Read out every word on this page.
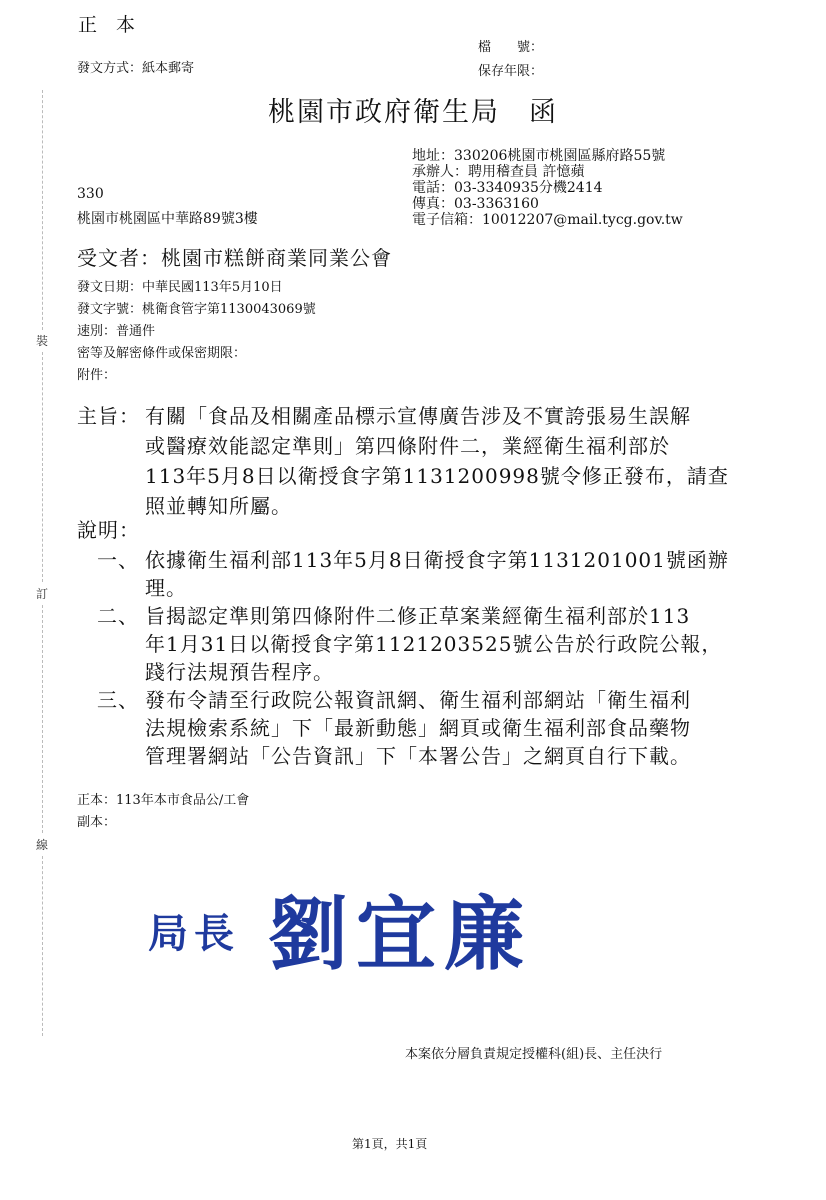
裝
訂
線
正　本
檔　　號：
發文方式：紙本郵寄	保存年限：
桃園市政府衛生局　函
地址：330206桃園市桃園區縣府路55號
承辦人：聘用稽查員 許憶蘋
電話：03-3340935分機2414
傳真：03-3363160
電子信箱：10012207@mail.tycg.gov.tw
330
桃園市桃園區中華路89號3樓
受文者：桃園市糕餅商業同業公會
發文日期：中華民國113年5月10日
發文字號：桃衛食管字第1130043069號
速別：普通件
密等及解密條件或保密期限：
附件：
主旨： 有關「食品及相關產品標示宣傳廣告涉及不實誇張易生誤解
或醫療效能認定準則」第四條附件二，業經衛生福利部於
113年5月8日以衛授食字第1131200998號令修正發布，請查
照並轉知所屬。
說明：
一、 依據衛生福利部113年5月8日衛授食字第1131201001號函辦
理。
二、 旨揭認定準則第四條附件二修正草案業經衛生福利部於113
年1月31日以衛授食字第1121203525號公告於行政院公報，
踐行法規預告程序。
三、 發布令請至行政院公報資訊網、衛生福利部網站「衛生福利
法規檢索系統」下「最新動態」網頁或衛生福利部食品藥物
管理署網站「公告資訊」下「本署公告」之網頁自行下載。
正本：113年本市食品公/工會
副本：
局長 劉宜廉
本案依分層負責規定授權科(組)長、主任決行
第1頁，共1頁
